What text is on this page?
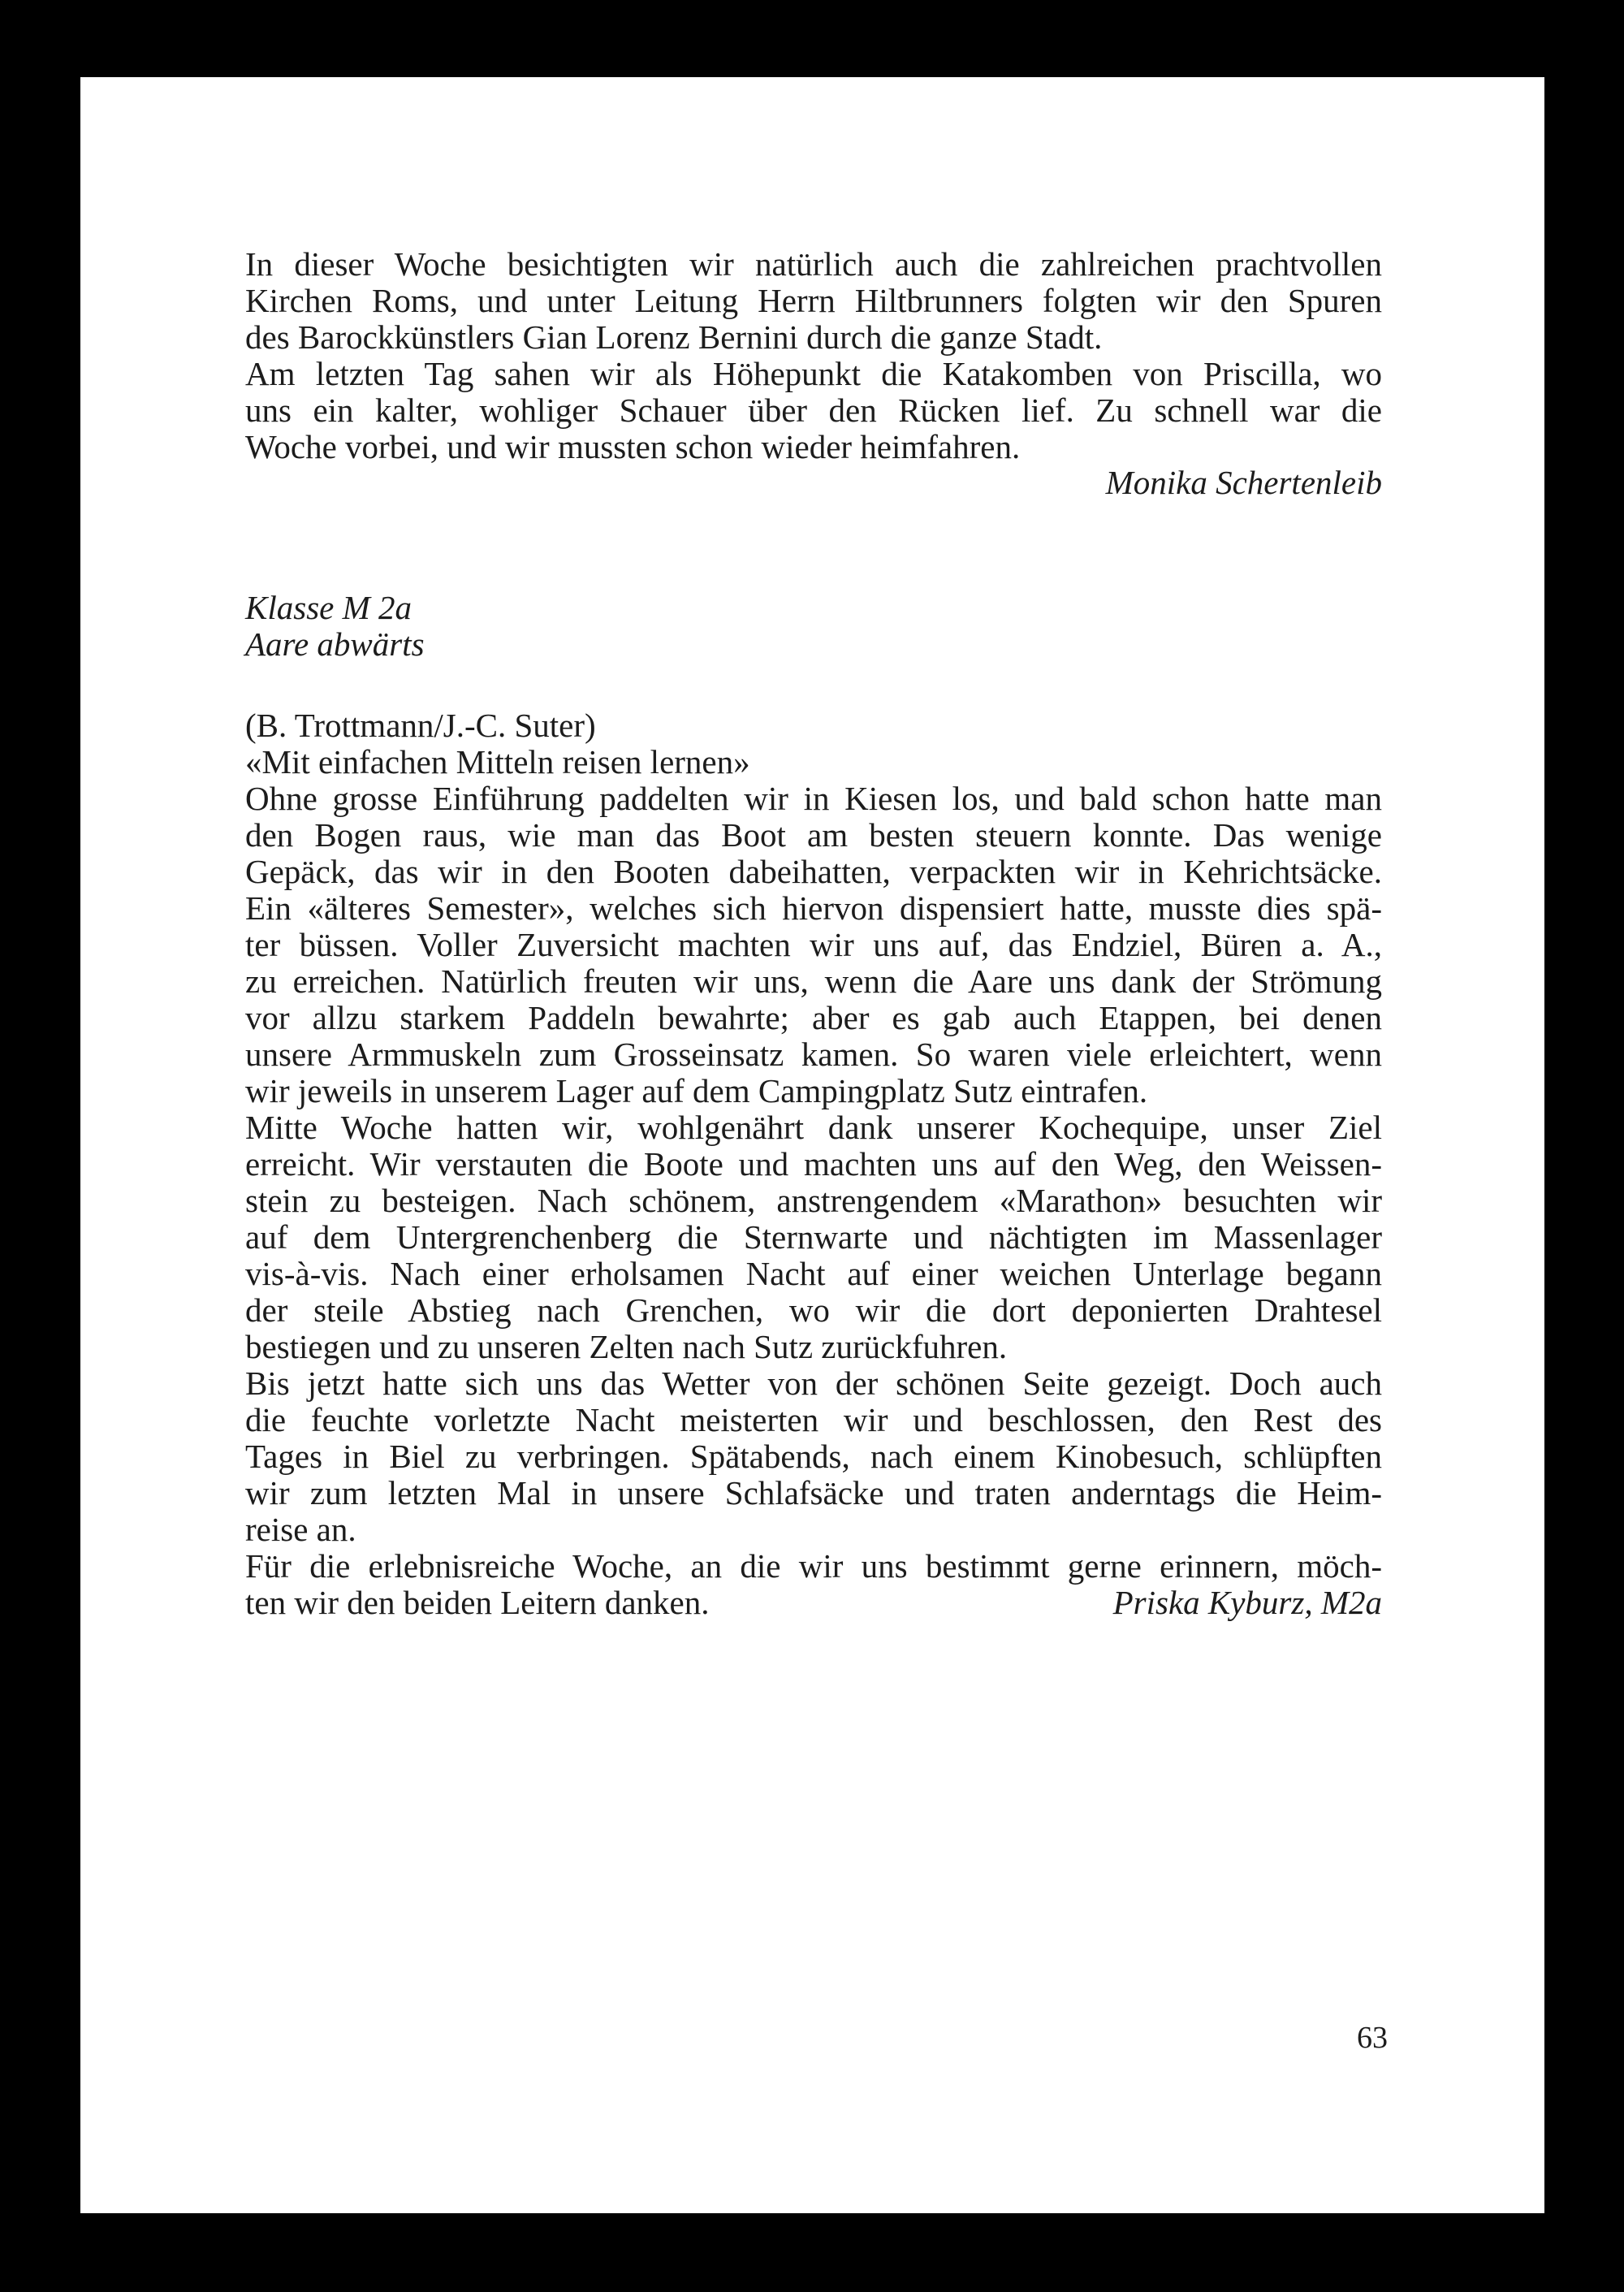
In dieser Woche besichtigten wir natürlich auch die zahlreichen prachtvollen

Kirchen Roms, und unter Leitung Herrn Hiltbrunners folgten wir den Spuren

des Barockkünstlers Gian Lorenz Bernini durch die ganze Stadt.

Am letzten Tag sahen wir als Höhepunkt die Katakomben von Priscilla, wo

uns ein kalter, wohliger Schauer über den Rücken lief. Zu schnell war die

Woche vorbei, und wir mussten schon wieder heimfahren.

Monika Schertenleib

Klasse M 2a

Aare abwärts

(B. Trottmann/J.-C. Suter)

«Mit einfachen Mitteln reisen lernen»

Ohne grosse Einführung paddelten wir in Kiesen los, und bald schon hatte man

den Bogen raus, wie man das Boot am besten steuern konnte. Das wenige

Gepäck, das wir in den Booten dabeihatten, verpackten wir in Kehrichtsäcke.

Ein «älteres Semester», welches sich hiervon dispensiert hatte, musste dies spä-

ter büssen. Voller Zuversicht machten wir uns auf, das Endziel, Büren a. A.,

zu erreichen. Natürlich freuten wir uns, wenn die Aare uns dank der Strömung

vor allzu starkem Paddeln bewahrte; aber es gab auch Etappen, bei denen

unsere Armmuskeln zum Grosseinsatz kamen. So waren viele erleichtert, wenn

wir jeweils in unserem Lager auf dem Campingplatz Sutz eintrafen.

Mitte Woche hatten wir, wohlgenährt dank unserer Kochequipe, unser Ziel

erreicht. Wir verstauten die Boote und machten uns auf den Weg, den Weissen-

stein zu besteigen. Nach schönem, anstrengendem «Marathon» besuchten wir

auf dem Untergrenchenberg die Sternwarte und nächtigten im Massenlager

vis-à-vis. Nach einer erholsamen Nacht auf einer weichen Unterlage begann

der steile Abstieg nach Grenchen, wo wir die dort deponierten Drahtesel

bestiegen und zu unseren Zelten nach Sutz zurückfuhren.

Bis jetzt hatte sich uns das Wetter von der schönen Seite gezeigt. Doch auch

die feuchte vorletzte Nacht meisterten wir und beschlossen, den Rest des

Tages in Biel zu verbringen. Spätabends, nach einem Kinobesuch, schlüpften

wir zum letzten Mal in unsere Schlafsäcke und traten anderntags die Heim-

reise an.

Für die erlebnisreiche Woche, an die wir uns bestimmt gerne erinnern, möch-

ten wir den beiden Leitern danken.	Priska Kyburz, M2a
63
